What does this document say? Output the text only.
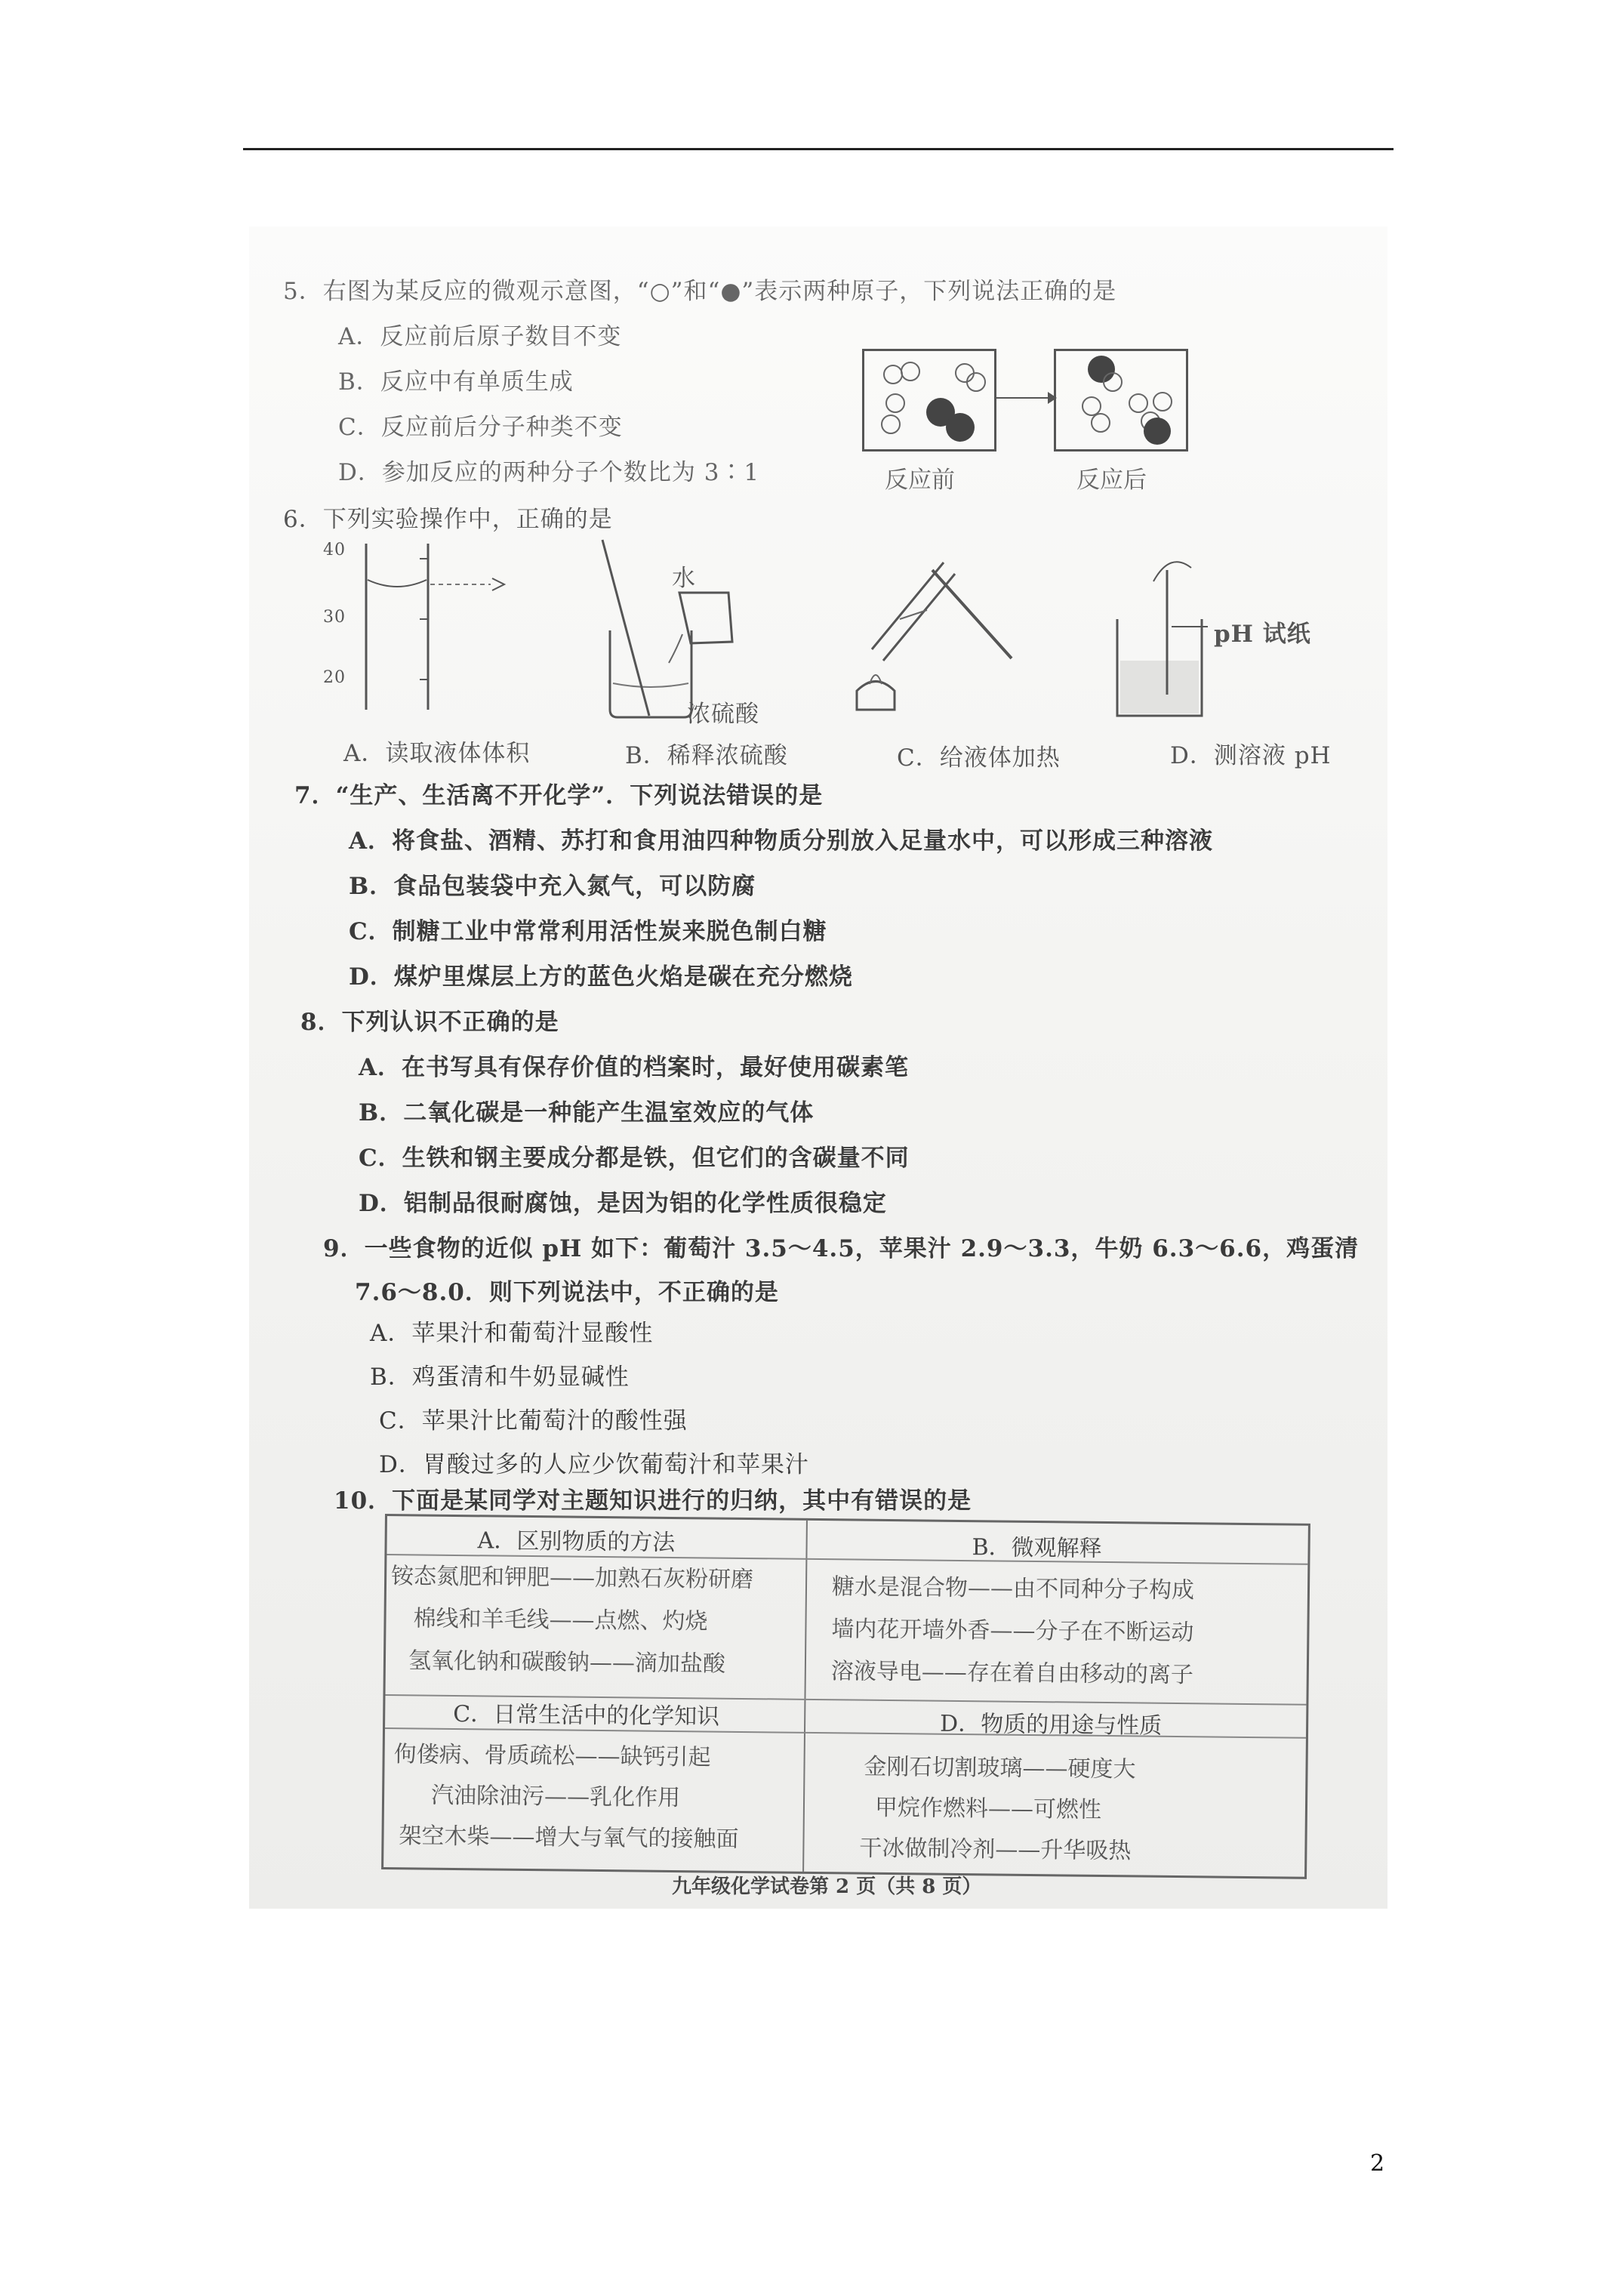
5．右图为某反应的微观示意图，“○”和“●”表示两种原子，下列说法正确的是
A．反应前后原子数目不变
B．反应中有单质生成
C．反应前后分子种类不变
D．参加反应的两种分子个数比为 3∶1	反应前	反应后
6．下列实验操作中，正确的是
40
30
20
水
浓硫酸
pH 试纸
A．读取液体体积	B．稀释浓硫酸	C．给液体加热	D．测溶液 pH
7．“生产、生活离不开化学”．下列说法错误的是
A．将食盐、酒精、苏打和食用油四种物质分别放入足量水中，可以形成三种溶液
B．食品包装袋中充入氮气，可以防腐
C．制糖工业中常常利用活性炭来脱色制白糖
D．煤炉里煤层上方的蓝色火焰是碳在充分燃烧
8．下列认识不正确的是
A．在书写具有保存价值的档案时，最好使用碳素笔
B．二氧化碳是一种能产生温室效应的气体
C．生铁和钢主要成分都是铁，但它们的含碳量不同
D．铝制品很耐腐蚀，是因为铝的化学性质很稳定
9．一些食物的近似 pH 如下：葡萄汁 3.5～4.5，苹果汁 2.9～3.3，牛奶 6.3～6.6，鸡蛋清
7.6～8.0．则下列说法中，不正确的是
A．苹果汁和葡萄汁显酸性
B．鸡蛋清和牛奶显碱性
C．苹果汁比葡萄汁的酸性强
D．胃酸过多的人应少饮葡萄汁和苹果汁
10．下面是某同学对主题知识进行的归纳，其中有错误的是
A．区别物质的方法
铵态氮肥和钾肥——加熟石灰粉研磨
棉线和羊毛线——点燃、灼烧
氢氧化钠和碳酸钠——滴加盐酸
B．微观解释
糖水是混合物——由不同种分子构成
墙内花开墙外香——分子在不断运动
溶液导电——存在着自由移动的离子
C．日常生活中的化学知识
佝偻病、骨质疏松——缺钙引起
汽油除油污——乳化作用
架空木柴——增大与氧气的接触面
D．物质的用途与性质
金刚石切割玻璃——硬度大
甲烷作燃料——可燃性
干冰做制冷剂——升华吸热
九年级化学试卷第 2 页（共 8 页）
2
